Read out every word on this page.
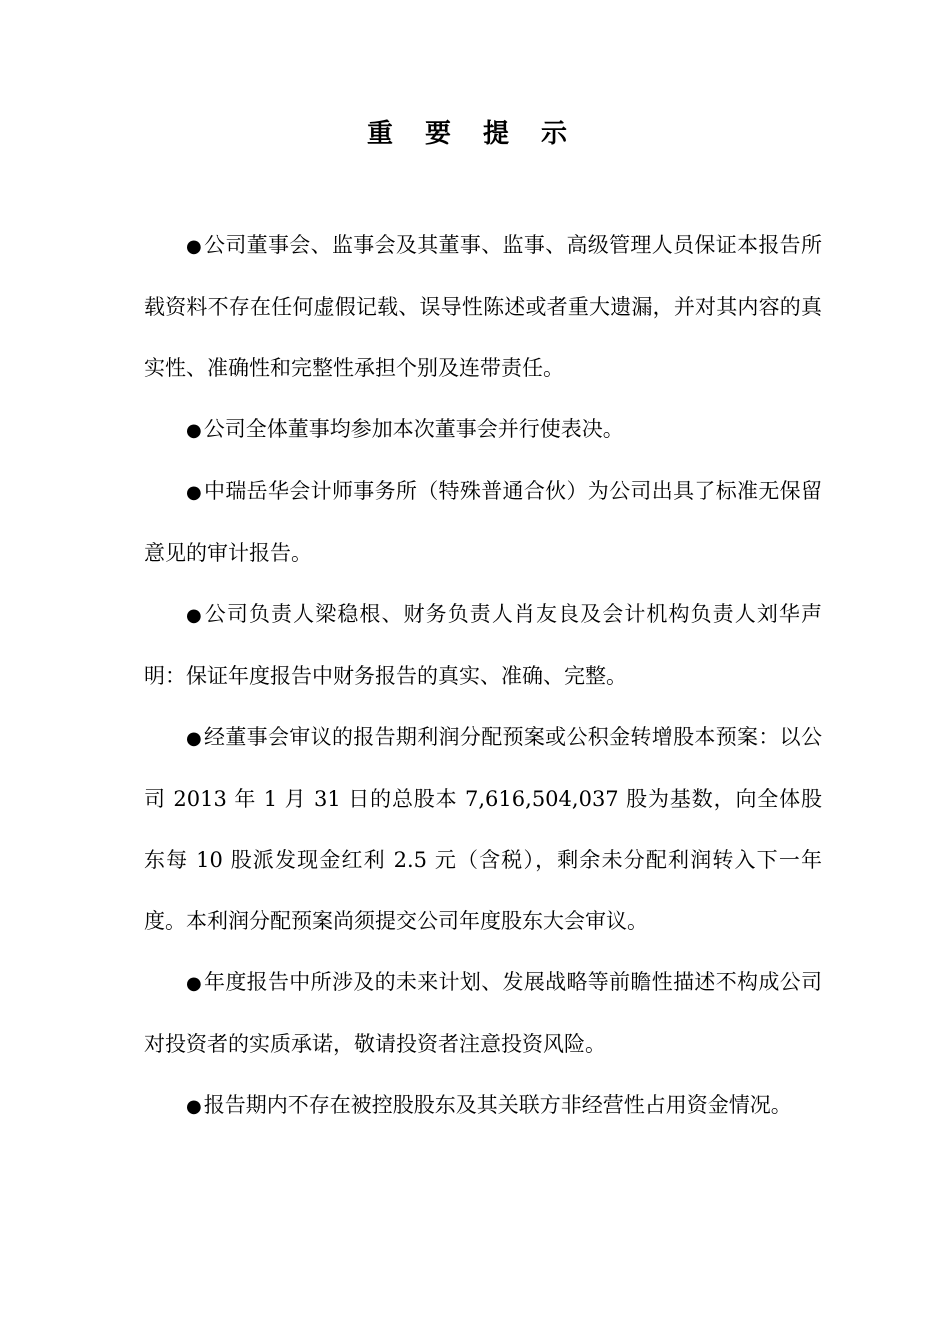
重要提示

●公司董事会、监事会及其董事、监事、高级管理人员保证本报告所载资料不存在任何虚假记载、误导性陈述或者重大遗漏，并对其内容的真实性、准确性和完整性承担个别及连带责任。

●公司全体董事均参加本次董事会并行使表决。

●中瑞岳华会计师事务所（特殊普通合伙）为公司出具了标准无保留意见的审计报告。

●公司负责人梁稳根、财务负责人肖友良及会计机构负责人刘华声明：保证年度报告中财务报告的真实、准确、完整。

●经董事会审议的报告期利润分配预案或公积金转增股本预案：以公司 2013 年 1 月 31 日的总股本 7,616,504,037 股为基数，向全体股东每 10 股派发现金红利 2.5 元（含税），剩余未分配利润转入下一年度。本利润分配预案尚须提交公司年度股东大会审议。

●年度报告中所涉及的未来计划、发展战略等前瞻性描述不构成公司对投资者的实质承诺，敬请投资者注意投资风险。

●报告期内不存在被控股股东及其关联方非经营性占用资金情况。
